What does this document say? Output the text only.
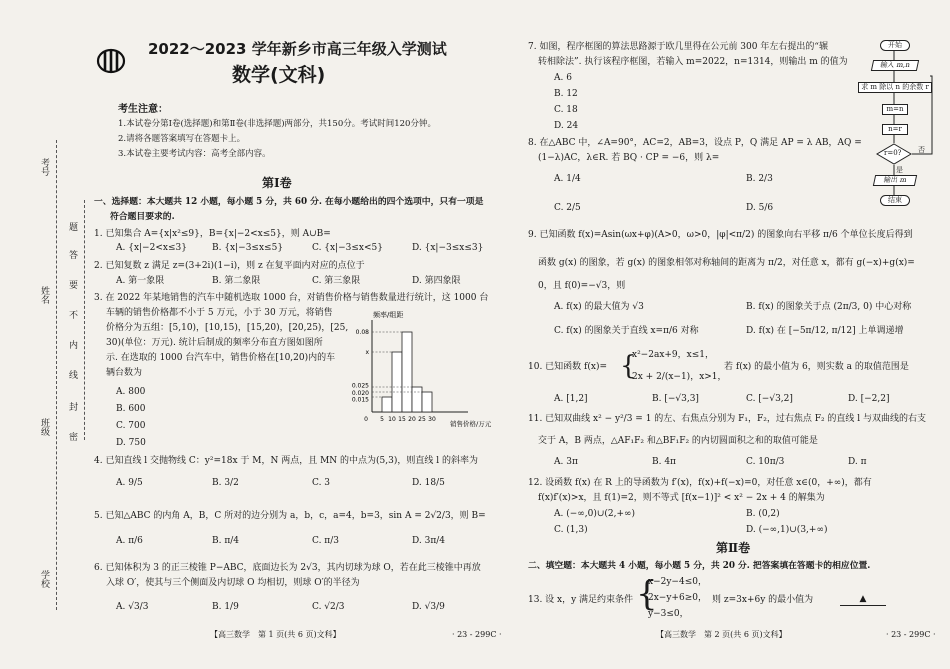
考号
姓名
班级
学校
题
答
要
不
内
线
封
密
2022～2023 学年新乡市高三年级入学测试
数学(文科)
考生注意：
1.本试卷分第Ⅰ卷(选择题)和第Ⅱ卷(非选择题)两部分，共150分。考试时间120分钟。
2.请将各题答案填写在答题卡上。
3.本试卷主要考试内容：高考全部内容。
第Ⅰ卷
一、选择题：本大题共 12 小题，每小题 5 分，共 60 分. 在每小题给出的四个选项中，只有一项是
符合题目要求的.
1. 已知集合 A={x|x²≤9}，B={x|−2<x≤5}，则 A∪B=
A. {x|−2<x≤3}	B. {x|−3≤x≤5}	C. {x|−3≤x<5}	D. {x|−3≤x≤3}
2. 已知复数 z 满足 z=(3+2i)(1−i)，则 z 在复平面内对应的点位于
A. 第一象限	B. 第二象限	C. 第三象限	D. 第四象限
3. 在 2022 年某地销售的汽车中随机选取 1000 台，对销售价格与销售数量进行统计，这 1000 台
车辆的销售价格都不小于 5 万元，小于 30 万元，将销售
价格分为五组：[5,10)，[10,15)，[15,20)，[20,25)，[25,
30)(单位：万元). 统计后制成的频率分布直方图如图所
示. 在选取的 1000 台汽车中，销售价格在[10,20)内的车
辆台数为
A. 800
B. 600
C. 700
D. 750
频率/组距
销售价格/万元
0.08
x
0.025
0.020
0.015
0 5 10 15 20 25 30
4. 已知直线 l 交抛物线 C：y²=18x 于 M，N 两点，且 MN 的中点为(5,3)，则直线 l 的斜率为
A. 9/5	B. 3/2	C. 3	D. 18/5
5. 已知△ABC 的内角 A，B，C 所对的边分别为 a，b，c，a=4，b=3，sin A = 2√2/3，则 B=
A. π/6	B. π/4	C. π/3	D. 3π/4
6. 已知体积为 3 的正三棱锥 P−ABC，底面边长为 2√3，其内切球为球 O，若在此三棱锥中再放
入球 O′，使其与三个侧面及内切球 O 均相切，则球 O′的半径为
A. √3/3	B. 1/9	C. √2/3	D. √3/9
【高三数学　第 1 页(共 6 页)文科】	· 23 - 299C ·
7. 如图，程序框图的算法思路源于欧几里得在公元前 300 年左右提出的“辗
转相除法”. 执行该程序框图，若输入 m=2022，n=1314，则输出 m 的值为
A. 6
B. 12
C. 18
D. 24
开始
输入 m,n
求 m 除以 n 的余数 r
m=n
n=r
r=0? 否
是
输出 m
结束
8. 在△ABC 中，∠A=90°，AC=2，AB=3，设点 P，Q 满足 AP = λ AB，AQ =
(1−λ)AC，λ∈R. 若 BQ · CP = −6，则 λ=
A. 1/4	B. 2/3
C. 2/5	D. 5/6
9. 已知函数 f(x)=Asin(ωx+φ)(A>0，ω>0，|φ|<π/2) 的图象向右平移 π/6 个单位长度后得到
函数 g(x) 的图象，若 g(x) 的图象相邻对称轴间的距离为 π/2，对任意 x，都有 g(−x)+g(x)=
0，且 f(0)=−√3，则
A. f(x) 的最大值为 √3	B. f(x) 的图象关于点 (2π/3, 0) 中心对称
C. f(x) 的图象关于直线 x=π/6 对称	D. f(x) 在 [−5π/12, π/12] 上单调递增
10. 已知函数 f(x)= {
x²−2ax+9，x≤1，
2x + 2/(x−1)，x>1，
若 f(x) 的最小值为 6，则实数 a 的取值范围是
A. [1,2]	B. [−√3,3]	C. [−√3,2]	D. [−2,2]
11. 已知双曲线 x² − y²/3 = 1 的左、右焦点分别为 F₁，F₂，过右焦点 F₂ 的直线 l 与双曲线的右支
交于 A，B 两点，△AF₁F₂ 和△BF₁F₂ 的内切圆面积之和的取值可能是
A. 3π	B. 4π	C. 10π/3	D. π
12. 设函数 f(x) 在 R 上的导函数为 f′(x)，f(x)+f(−x)=0，对任意 x∈(0，+∞)，都有
f(x)f′(x)>x，且 f(1)=2，则不等式 [f(x−1)]² < x² − 2x + 4 的解集为
A. (−∞,0)∪(2,+∞)	B. (0,2)
C. (1,3)	D. (−∞,1)∪(3,+∞)
第Ⅱ卷
二、填空题：本大题共 4 小题，每小题 5 分，共 20 分. 把答案填在答题卡的相应位置.
13. 设 x，y 满足约束条件 {
x−2y−4≤0，
2x−y+6≥0，
y−3≤0，
则 z=3x+6y 的最小值为	▲
【高三数学　第 2 页(共 6 页)文科】	· 23 - 299C ·
